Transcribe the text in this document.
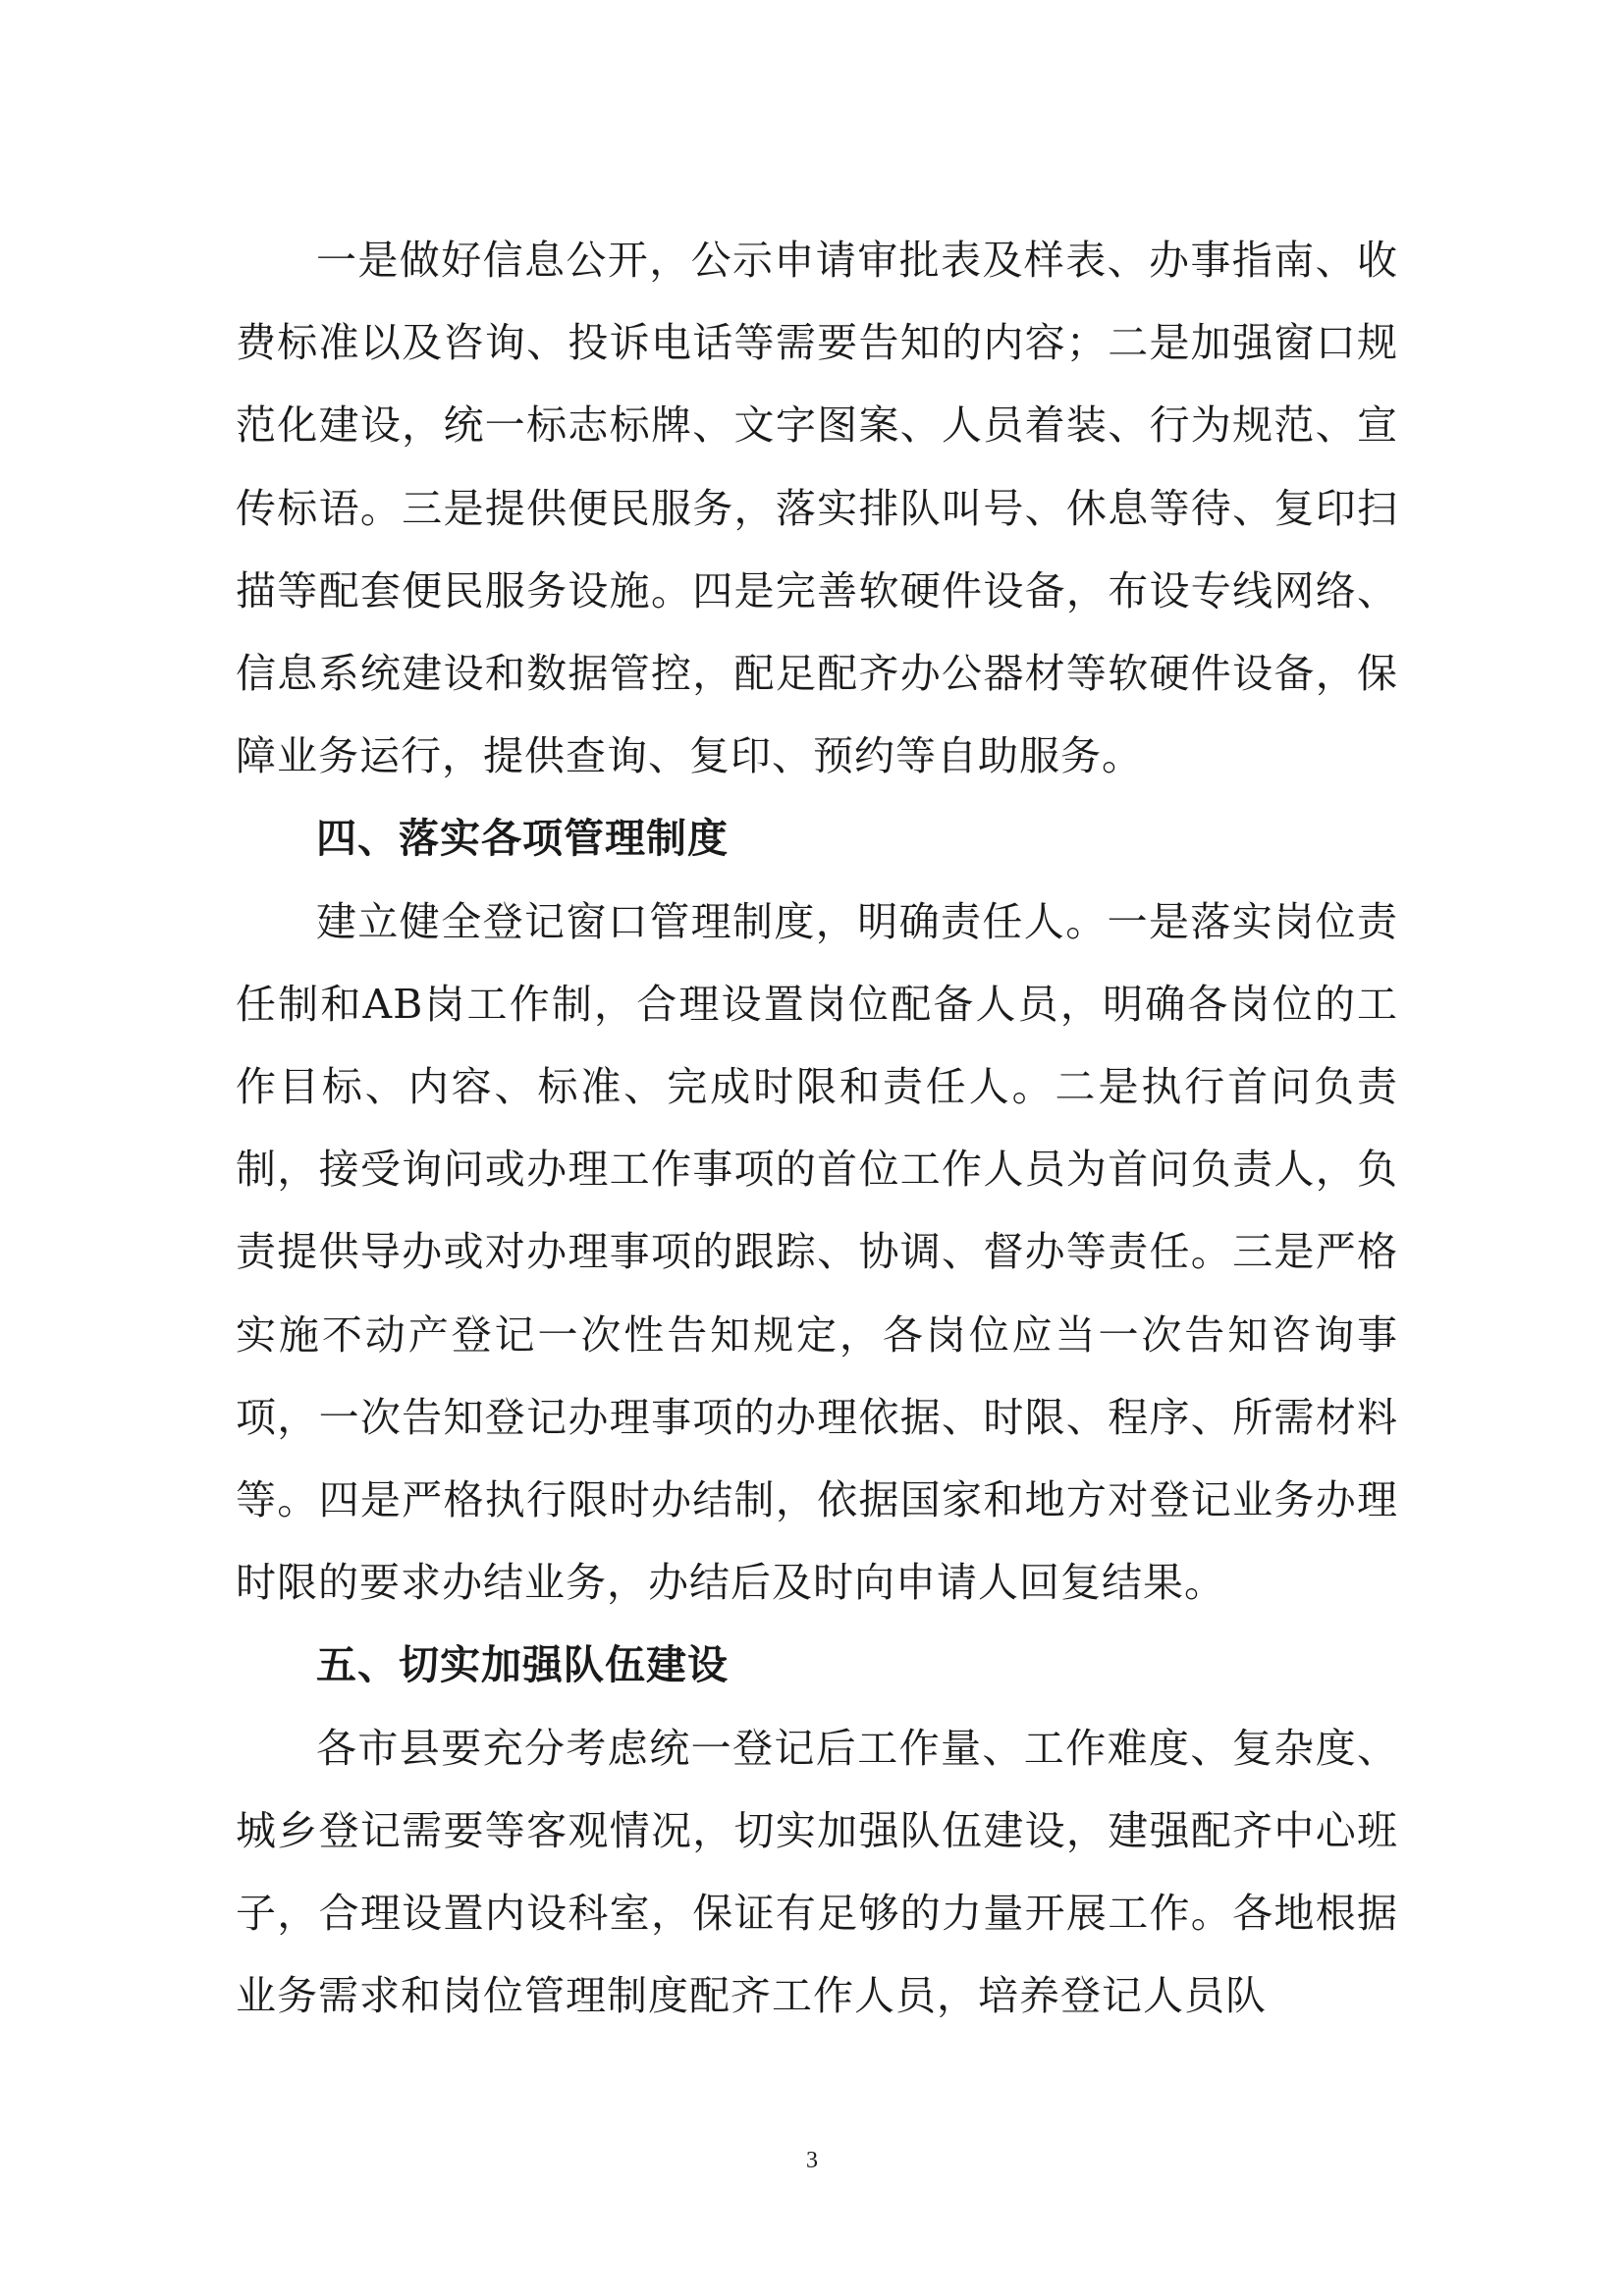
一是做好信息公开，公示申请审批表及样表、办事指南、收费标准以及咨询、投诉电话等需要告知的内容；二是加强窗口规范化建设，统一标志标牌、文字图案、人员着装、行为规范、宣传标语。三是提供便民服务，落实排队叫号、休息等待、复印扫描等配套便民服务设施。四是完善软硬件设备，布设专线网络、信息系统建设和数据管控，配足配齐办公器材等软硬件设备，保障业务运行，提供查询、复印、预约等自助服务。

四、落实各项管理制度

建立健全登记窗口管理制度，明确责任人。一是落实岗位责任制和AB岗工作制，合理设置岗位配备人员，明确各岗位的工作目标、内容、标准、完成时限和责任人。二是执行首问负责制，接受询问或办理工作事项的首位工作人员为首问负责人，负责提供导办或对办理事项的跟踪、协调、督办等责任。三是严格实施不动产登记一次性告知规定，各岗位应当一次告知咨询事项，一次告知登记办理事项的办理依据、时限、程序、所需材料等。四是严格执行限时办结制，依据国家和地方对登记业务办理时限的要求办结业务，办结后及时向申请人回复结果。

五、切实加强队伍建设

各市县要充分考虑统一登记后工作量、工作难度、复杂度、城乡登记需要等客观情况，切实加强队伍建设，建强配齐中心班子，合理设置内设科室，保证有足够的力量开展工作。各地根据业务需求和岗位管理制度配齐工作人员，培养登记人员队

3
